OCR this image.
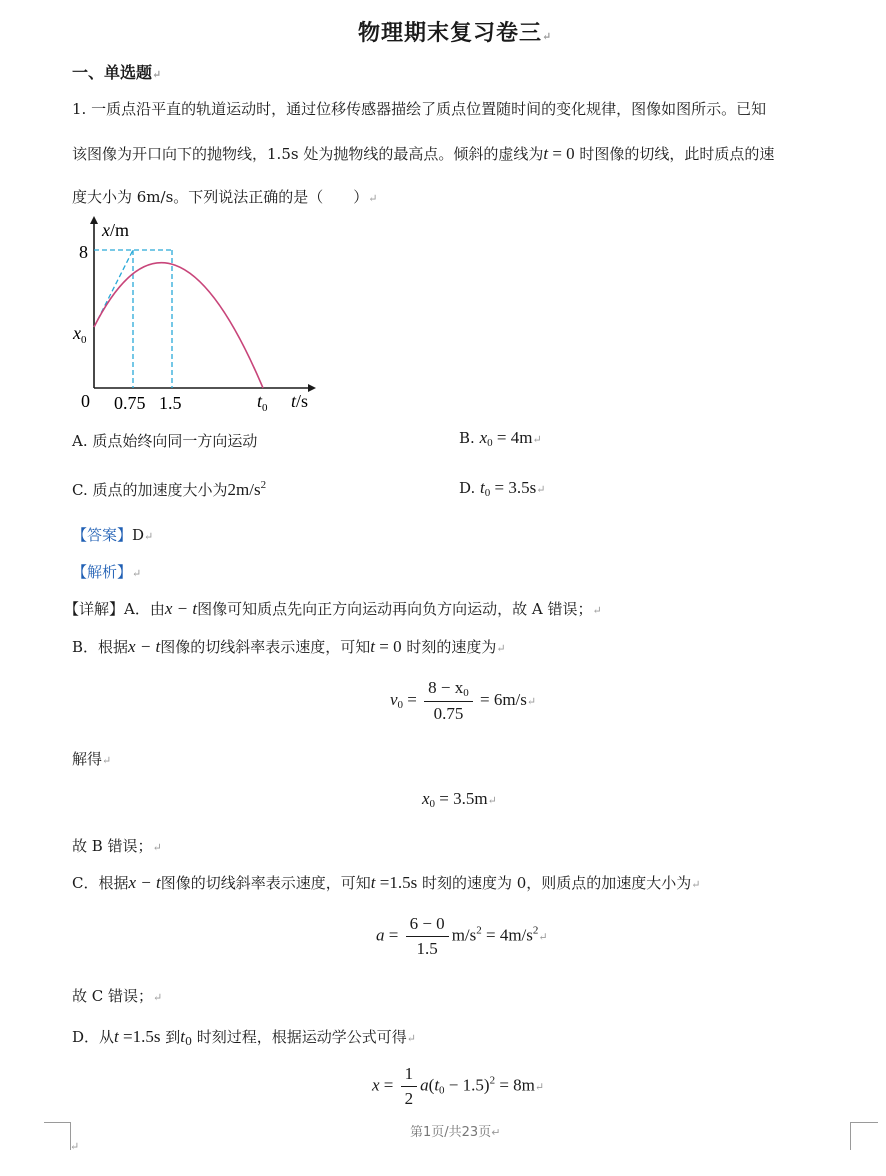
物理期末复习卷三↵
一、单选题↵
1. 一质点沿平直的轨道运动时，通过位移传感器描绘了质点位置随时间的变化规律，图像如图所示。已知
该图像为开口向下的抛物线，1.5s 处为抛物线的最高点。倾斜的虚线为t = 0 时图像的切线，此时质点的速
度大小为 6m/s。下列说法正确的是（　　）↵
x/m
8
$x_0$
0 0.75 1.5	$t_0$ t/s
A. 质点始终向同一方向运动	B. $x_0$ = 4m↵
C. 质点的加速度大小为$2m/s^2$	D. $t_0$ = 3.5s↵
【答案】D↵
【解析】↵
【详解】A．由x − t图像可知质点先向正方向运动再向负方向运动，故 A 错误；↵
B．根据x − t图像的切线斜率表示速度，可知t = 0 时刻的速度为↵
$v_0 = \frac{8 - x_0}{0.75}$ = 6m/s↵
解得↵
$x_0$ = 3.5m↵
故 B 错误；↵
C．根据x − t图像的切线斜率表示速度，可知t =1.5s 时刻的速度为 0，则质点的加速度大小为↵
$a = \frac{6 - 0}{1.5} m/s^2$ = $4m/s^2↵$
故 C 错误；↵
D．从t =1.5s 到$t_0$ 时刻过程，根据运动学公式可得↵
$x = \frac{1}{2} a(t_0 - 1.5)^2$ = 8m↵
↵
第1页/共23页↵
